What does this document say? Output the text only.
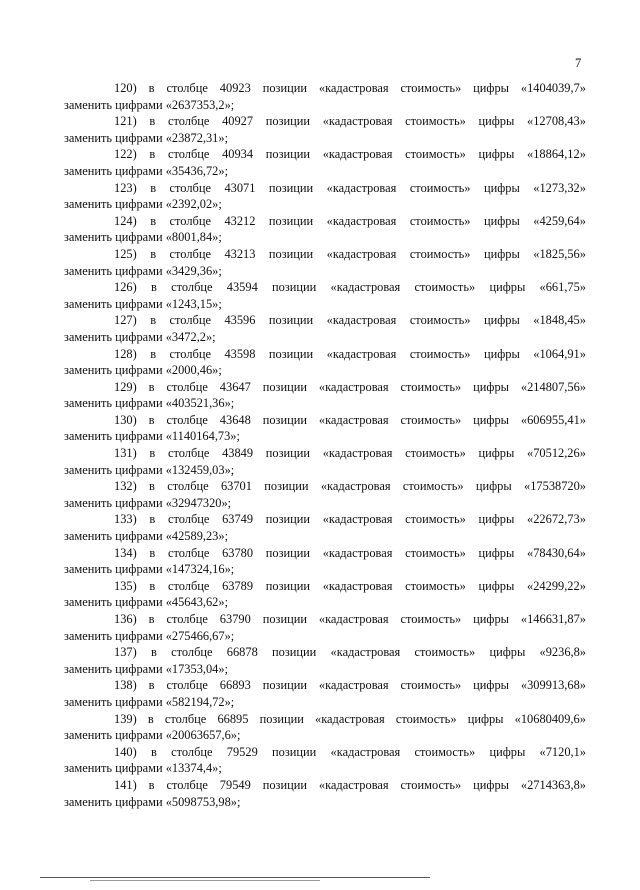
7
120) в столбце 40923 позиции «кадастровая стоимость» цифры «1404039,7»
заменить цифрами «2637353,2»;
121) в столбце 40927 позиции «кадастровая стоимость» цифры «12708,43»
заменить цифрами «23872,31»;
122) в столбце 40934 позиции «кадастровая стоимость» цифры «18864,12»
заменить цифрами «35436,72»;
123) в столбце 43071 позиции «кадастровая стоимость» цифры «1273,32»
заменить цифрами «2392,02»;
124) в столбце 43212 позиции «кадастровая стоимость» цифры «4259,64»
заменить цифрами «8001,84»;
125) в столбце 43213 позиции «кадастровая стоимость» цифры «1825,56»
заменить цифрами «3429,36»;
126) в столбце 43594 позиции «кадастровая стоимость» цифры «661,75»
заменить цифрами «1243,15»;
127) в столбце 43596 позиции «кадастровая стоимость» цифры «1848,45»
заменить цифрами «3472,2»;
128) в столбце 43598 позиции «кадастровая стоимость» цифры «1064,91»
заменить цифрами «2000,46»;
129) в столбце 43647 позиции «кадастровая стоимость» цифры «214807,56»
заменить цифрами «403521,36»;
130) в столбце 43648 позиции «кадастровая стоимость» цифры «606955,41»
заменить цифрами «1140164,73»;
131) в столбце 43849 позиции «кадастровая стоимость» цифры «70512,26»
заменить цифрами «132459,03»;
132) в столбце 63701 позиции «кадастровая стоимость» цифры «17538720»
заменить цифрами «32947320»;
133) в столбце 63749 позиции «кадастровая стоимость» цифры «22672,73»
заменить цифрами «42589,23»;
134) в столбце 63780 позиции «кадастровая стоимость» цифры «78430,64»
заменить цифрами «147324,16»;
135) в столбце 63789 позиции «кадастровая стоимость» цифры «24299,22»
заменить цифрами «45643,62»;
136) в столбце 63790 позиции «кадастровая стоимость» цифры «146631,87»
заменить цифрами «275466,67»;
137) в столбце 66878 позиции «кадастровая стоимость» цифры «9236,8»
заменить цифрами «17353,04»;
138) в столбце 66893 позиции «кадастровая стоимость» цифры «309913,68»
заменить цифрами «582194,72»;
139) в столбце 66895 позиции «кадастровая стоимость» цифры «10680409,6»
заменить цифрами «20063657,6»;
140) в столбце 79529 позиции «кадастровая стоимость» цифры «7120,1»
заменить цифрами «13374,4»;
141) в столбце 79549 позиции «кадастровая стоимость» цифры «2714363,8»
заменить цифрами «5098753,98»;
